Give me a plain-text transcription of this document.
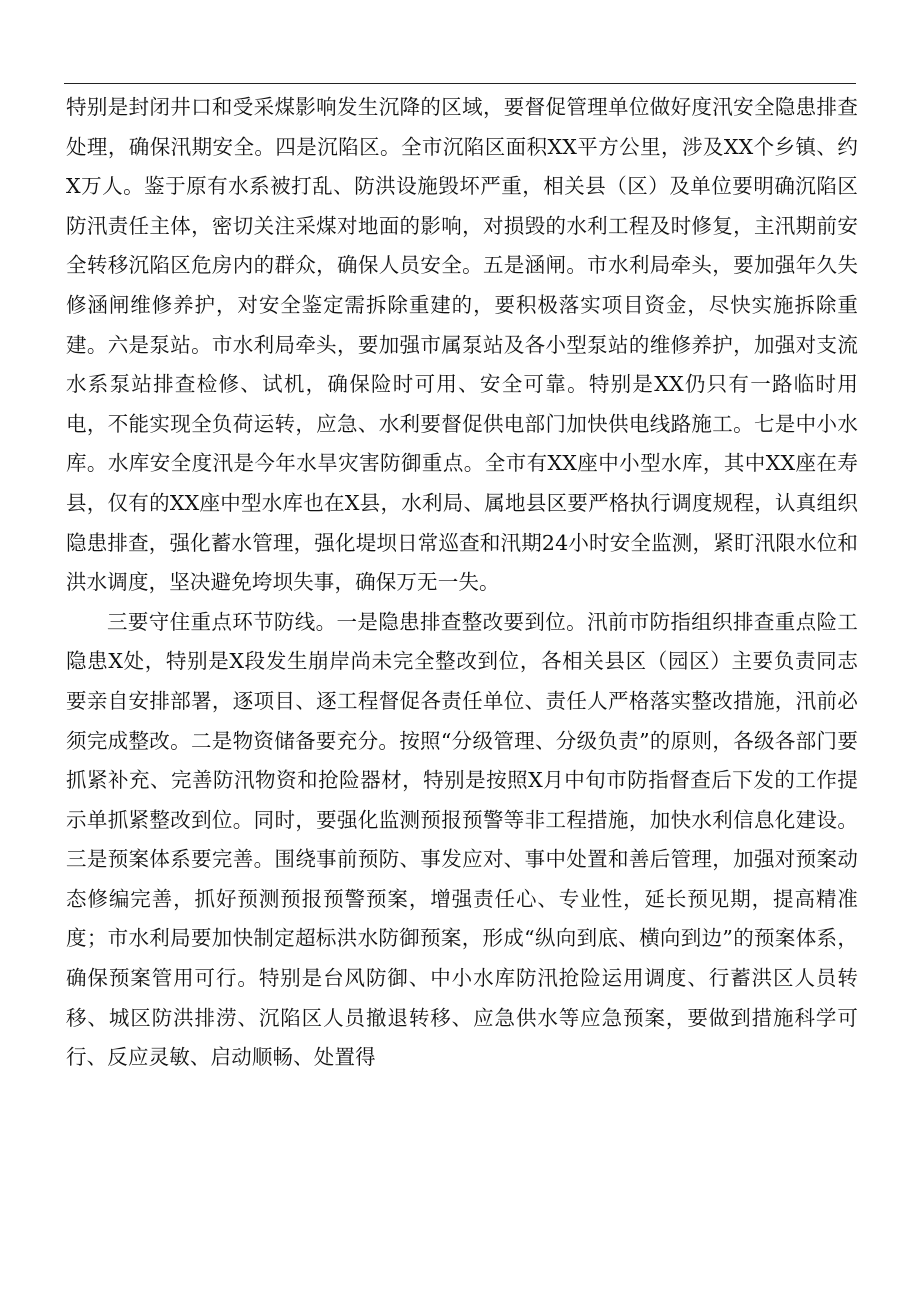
特别是封闭井口和受采煤影响发生沉降的区域，要督促管理单位做好度汛安全隐患排查处理，确保汛期安全。四是沉陷区。全市沉陷区面积XX平方公里，涉及XX个乡镇、约X万人。鉴于原有水系被打乱、防洪设施毁坏严重，相关县（区）及单位要明确沉陷区防汛责任主体，密切关注采煤对地面的影响，对损毁的水利工程及时修复，主汛期前安全转移沉陷区危房内的群众，确保人员安全。五是涵闸。市水利局牵头，要加强年久失修涵闸维修养护，对安全鉴定需拆除重建的，要积极落实项目资金，尽快实施拆除重建。六是泵站。市水利局牵头，要加强市属泵站及各小型泵站的维修养护，加强对支流水系泵站排查检修、试机，确保险时可用、安全可靠。特别是XX仍只有一路临时用电，不能实现全负荷运转，应急、水利要督促供电部门加快供电线路施工。七是中小水库。水库安全度汛是今年水旱灾害防御重点。全市有XX座中小型水库，其中XX座在寿县，仅有的XX座中型水库也在X县，水利局、属地县区要严格执行调度规程，认真组织隐患排查，强化蓄水管理，强化堤坝日常巡查和汛期24小时安全监测，紧盯汛限水位和洪水调度，坚决避免垮坝失事，确保万无一失。

三要守住重点环节防线。一是隐患排查整改要到位。汛前市防指组织排查重点险工隐患X处，特别是X段发生崩岸尚未完全整改到位，各相关县区（园区）主要负责同志要亲自安排部署，逐项目、逐工程督促各责任单位、责任人严格落实整改措施，汛前必须完成整改。二是物资储备要充分。按照“分级管理、分级负责”的原则，各级各部门要抓紧补充、完善防汛物资和抢险器材，特别是按照X月中旬市防指督查后下发的工作提示单抓紧整改到位。同时，要强化监测预报预警等非工程措施，加快水利信息化建设。三是预案体系要完善。围绕事前预防、事发应对、事中处置和善后管理，加强对预案动态修编完善，抓好预测预报预警预案，增强责任心、专业性，延长预见期，提高精准度；市水利局要加快制定超标洪水防御预案，形成“纵向到底、横向到边”的预案体系，确保预案管用可行。特别是台风防御、中小水库防汛抢险运用调度、行蓄洪区人员转移、城区防洪排涝、沉陷区人员撤退转移、应急供水等应急预案，要做到措施科学可行、反应灵敏、启动顺畅、处置得
